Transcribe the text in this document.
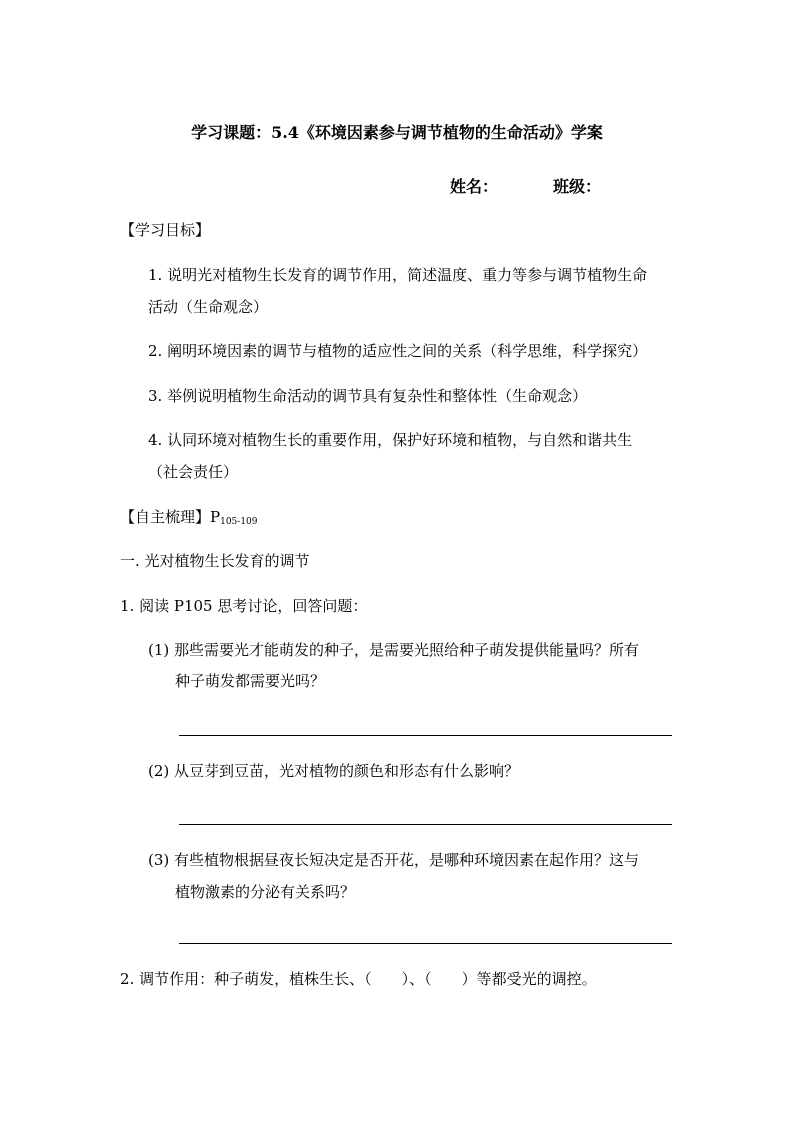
学习课题：5.4《环境因素参与调节植物的生命活动》学案
姓名：	班级：
【学习目标】
1. 说明光对植物生长发育的调节作用，简述温度、重力等参与调节植物生命
活动（生命观念）
2. 阐明环境因素的调节与植物的适应性之间的关系（科学思维，科学探究）
3. 举例说明植物生命活动的调节具有复杂性和整体性（生命观念）
4. 认同环境对植物生长的重要作用，保护好环境和植物，与自然和谐共生
（社会责任）
【自主梳理】$P_{105-109}$
一. 光对植物生长发育的调节
1. 阅读 P105 思考讨论，回答问题：
(1) 那些需要光才能萌发的种子，是需要光照给种子萌发提供能量吗？所有
种子萌发都需要光吗？
(2) 从豆芽到豆苗，光对植物的颜色和形态有什么影响？
(3) 有些植物根据昼夜长短决定是否开花，是哪种环境因素在起作用？这与
植物激素的分泌有关系吗？
2. 调节作用：种子萌发，植株生长、（　　）、（　　）等都受光的调控。
